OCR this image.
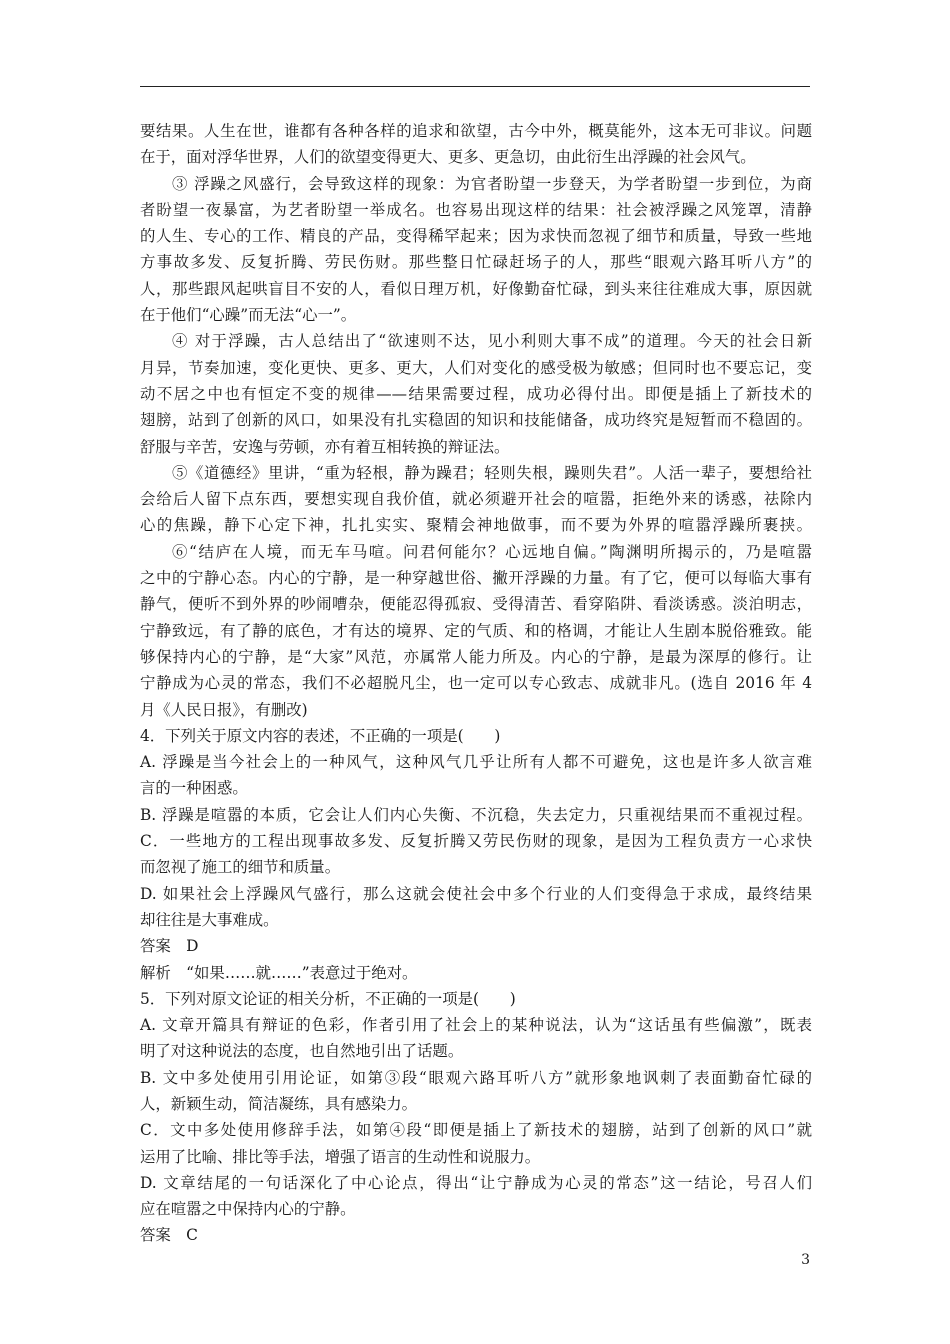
要结果。人生在世，谁都有各种各样的追求和欲望，古今中外，概莫能外，这本无可非议。问题
在于，面对浮华世界，人们的欲望变得更大、更多、更急切，由此衍生出浮躁的社会风气。
③ 浮躁之风盛行，会导致这样的现象：为官者盼望一步登天，为学者盼望一步到位，为商
者盼望一夜暴富，为艺者盼望一举成名。也容易出现这样的结果：社会被浮躁之风笼罩，清静
的人生、专心的工作、精良的产品，变得稀罕起来；因为求快而忽视了细节和质量，导致一些地
方事故多发、反复折腾、劳民伤财。那些整日忙碌赶场子的人，那些“眼观六路耳听八方”的
人，那些跟风起哄盲目不安的人，看似日理万机，好像勤奋忙碌，到头来往往难成大事，原因就
在于他们“心躁”而无法“心一”。
④ 对于浮躁，古人总结出了“欲速则不达，见小利则大事不成”的道理。今天的社会日新
月异，节奏加速，变化更快、更多、更大，人们对变化的感受极为敏感；但同时也不要忘记，变
动不居之中也有恒定不变的规律——结果需要过程，成功必得付出。即便是插上了新技术的
翅膀，站到了创新的风口，如果没有扎实稳固的知识和技能储备，成功终究是短暂而不稳固的。
舒服与辛苦，安逸与劳顿，亦有着互相转换的辩证法。
⑤《道德经》里讲，“重为轻根，静为躁君；轻则失根，躁则失君”。人活一辈子，要想给社
会给后人留下点东西，要想实现自我价值，就必须避开社会的喧嚣，拒绝外来的诱惑，祛除内
心的焦躁，静下心定下神，扎扎实实、聚精会神地做事，而不要为外界的喧嚣浮躁所裹挟。
⑥“结庐在人境，而无车马喧。问君何能尔？心远地自偏。”陶渊明所揭示的，乃是喧嚣
之中的宁静心态。内心的宁静，是一种穿越世俗、撇开浮躁的力量。有了它，便可以每临大事有
静气，便听不到外界的吵闹嘈杂，便能忍得孤寂、受得清苦、看穿陷阱、看淡诱惑。淡泊明志，
宁静致远，有了静的底色，才有达的境界、定的气质、和的格调，才能让人生剧本脱俗雅致。能
够保持内心的宁静，是“大家”风范，亦属常人能力所及。内心的宁静，是最为深厚的修行。让
宁静成为心灵的常态，我们不必超脱凡尘，也一定可以专心致志、成就非凡。(选自 2016 年 4
月《人民日报》，有删改)
4．下列关于原文内容的表述，不正确的一项是(　　)
A. 浮躁是当今社会上的一种风气，这种风气几乎让所有人都不可避免，这也是许多人欲言难
言的一种困惑。
B. 浮躁是喧嚣的本质，它会让人们内心失衡、不沉稳，失去定力，只重视结果而不重视过程。
C．一些地方的工程出现事故多发、反复折腾又劳民伤财的现象，是因为工程负责方一心求快
而忽视了施工的细节和质量。
D. 如果社会上浮躁风气盛行，那么这就会使社会中多个行业的人们变得急于求成，最终结果
却往往是大事难成。
答案　D
解析　“如果……就……”表意过于绝对。
5．下列对原文论证的相关分析，不正确的一项是(　　)
A. 文章开篇具有辩证的色彩，作者引用了社会上的某种说法，认为“这话虽有些偏激”，既表
明了对这种说法的态度，也自然地引出了话题。
B. 文中多处使用引用论证，如第③段“眼观六路耳听八方”就形象地讽刺了表面勤奋忙碌的
人，新颖生动，简洁凝练，具有感染力。
C．文中多处使用修辞手法，如第④段“即便是插上了新技术的翅膀，站到了创新的风口”就
运用了比喻、排比等手法，增强了语言的生动性和说服力。
D. 文章结尾的一句话深化了中心论点，得出“让宁静成为心灵的常态”这一结论，号召人们
应在喧嚣之中保持内心的宁静。
答案　C
3
